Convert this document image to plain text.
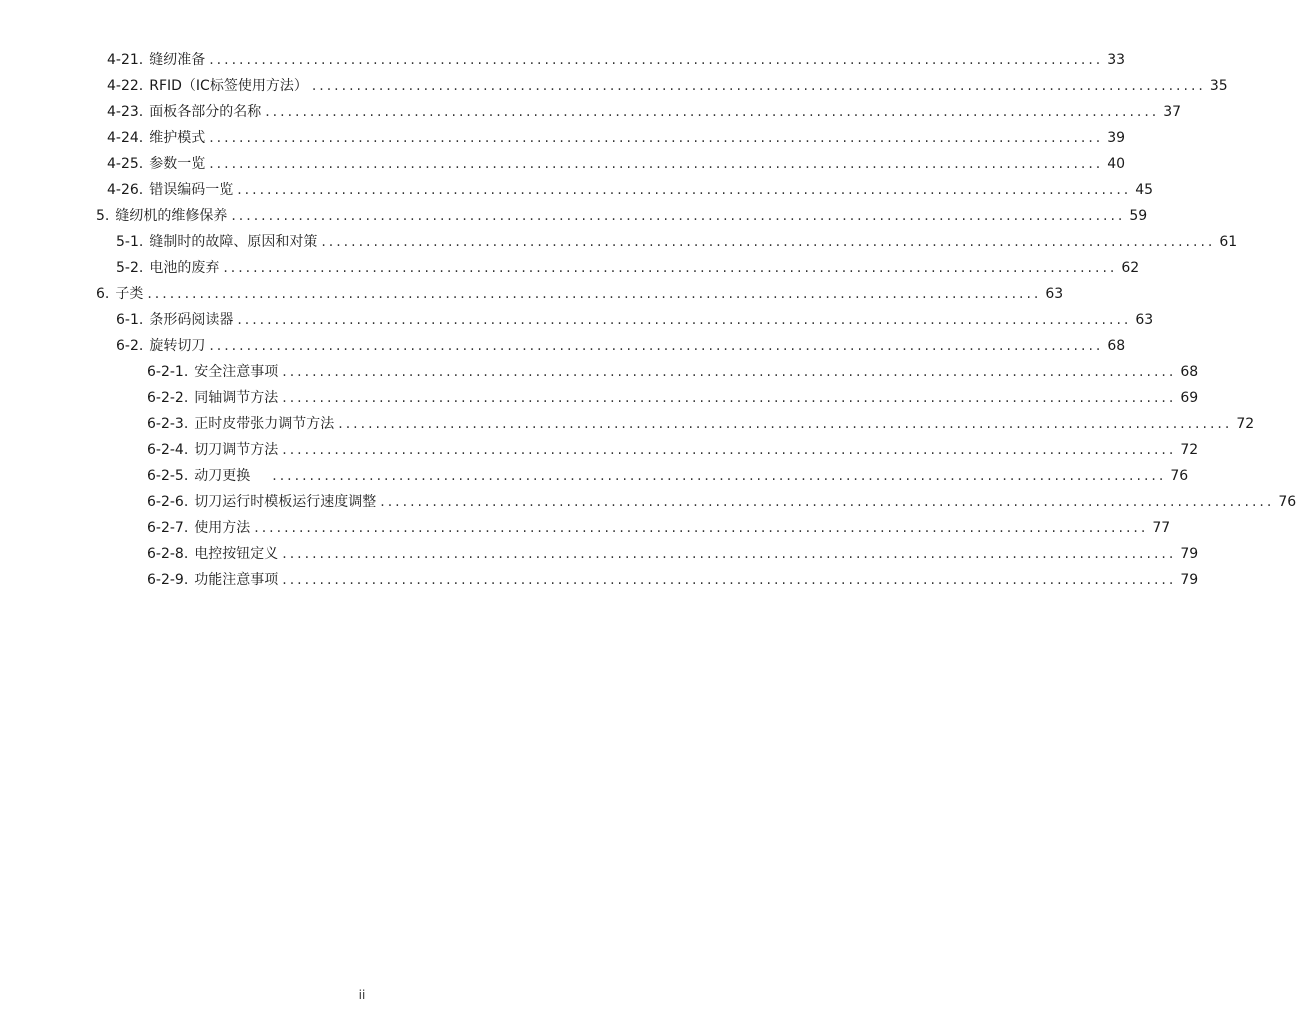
4-21. 缝纫准备 ........................................................................................................................ 33
4-22. RFID（IC标签使用方法） ........................................................................................................................ 35
4-23. 面板各部分的名称 ........................................................................................................................ 37
4-24. 维护模式 ........................................................................................................................ 39
4-25. 参数一览 ........................................................................................................................ 40
4-26. 错误编码一览 ........................................................................................................................ 45
5. 缝纫机的维修保养 ........................................................................................................................ 59
5-1. 缝制时的故障、原因和对策 ........................................................................................................................ 61
5-2. 电池的废弃 ........................................................................................................................ 62
6. 子类 ........................................................................................................................ 63
6-1. 条形码阅读器 ........................................................................................................................ 63
6-2. 旋转切刀 ........................................................................................................................ 68
6-2-1. 安全注意事项 ........................................................................................................................ 68
6-2-2. 同轴调节方法 ........................................................................................................................ 69
6-2-3. 正时皮带张力调节方法 ........................................................................................................................ 72
6-2-4. 切刀调节方法 ........................................................................................................................ 72
6-2-5. 动刀更换 ........................................................................................................................ 76
6-2-6. 切刀运行时模板运行速度调整 ........................................................................................................................ 76
6-2-7. 使用方法 ........................................................................................................................ 77
6-2-8. 电控按钮定义 ........................................................................................................................ 79
6-2-9. 功能注意事项 ........................................................................................................................ 79
ii
